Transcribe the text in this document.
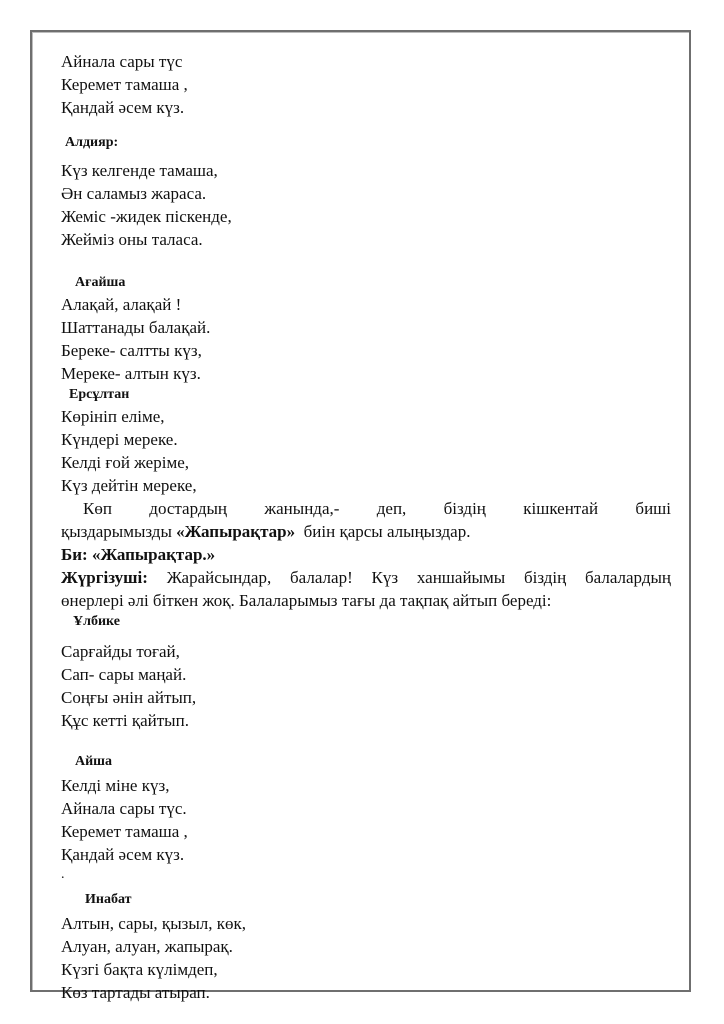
Айнала сары түс
Керемет тамаша ,
Қандай әсем күз.
Алдияр:
Күз келгенде тамаша,
Ән саламыз жараса.
Жеміс -жидек піскенде,
Жейміз оны таласа.
Ағайша
Алақай, алақай !
Шаттанады балақай.
Береке- салтты күз,
Мереке- алтын күз.
Ерсұлтан
Көрініп еліме,
Күндері мереке.
Келді ғой жеріме,
Күз дейтін мереке,
Көп достардың жанында,- деп, біздің кішкентай биші
қыздарымызды «Жапырақтар»  биін қарсы алыңыздар.
Би: «Жапырақтар.»
Жүргізуші: Жарайсындар, балалар! Күз ханшайымы біздің балалардың
өнерлері әлі біткен жоқ. Балаларымыз тағы да тақпақ айтып береді:
Ұлбике
Сарғайды тоғай,
Сап- сары маңай.
Соңғы әнін айтып,
Құс кетті қайтып.
Айша
Келді міне күз,
Айнала сары түс.
Керемет тамаша ,
Қандай әсем күз.
.
Инабат
Алтын, сары, қызыл, көк,
Алуан, алуан, жапырақ.
Күзгі бақта күлімдеп,
Көз тартады атырап.
